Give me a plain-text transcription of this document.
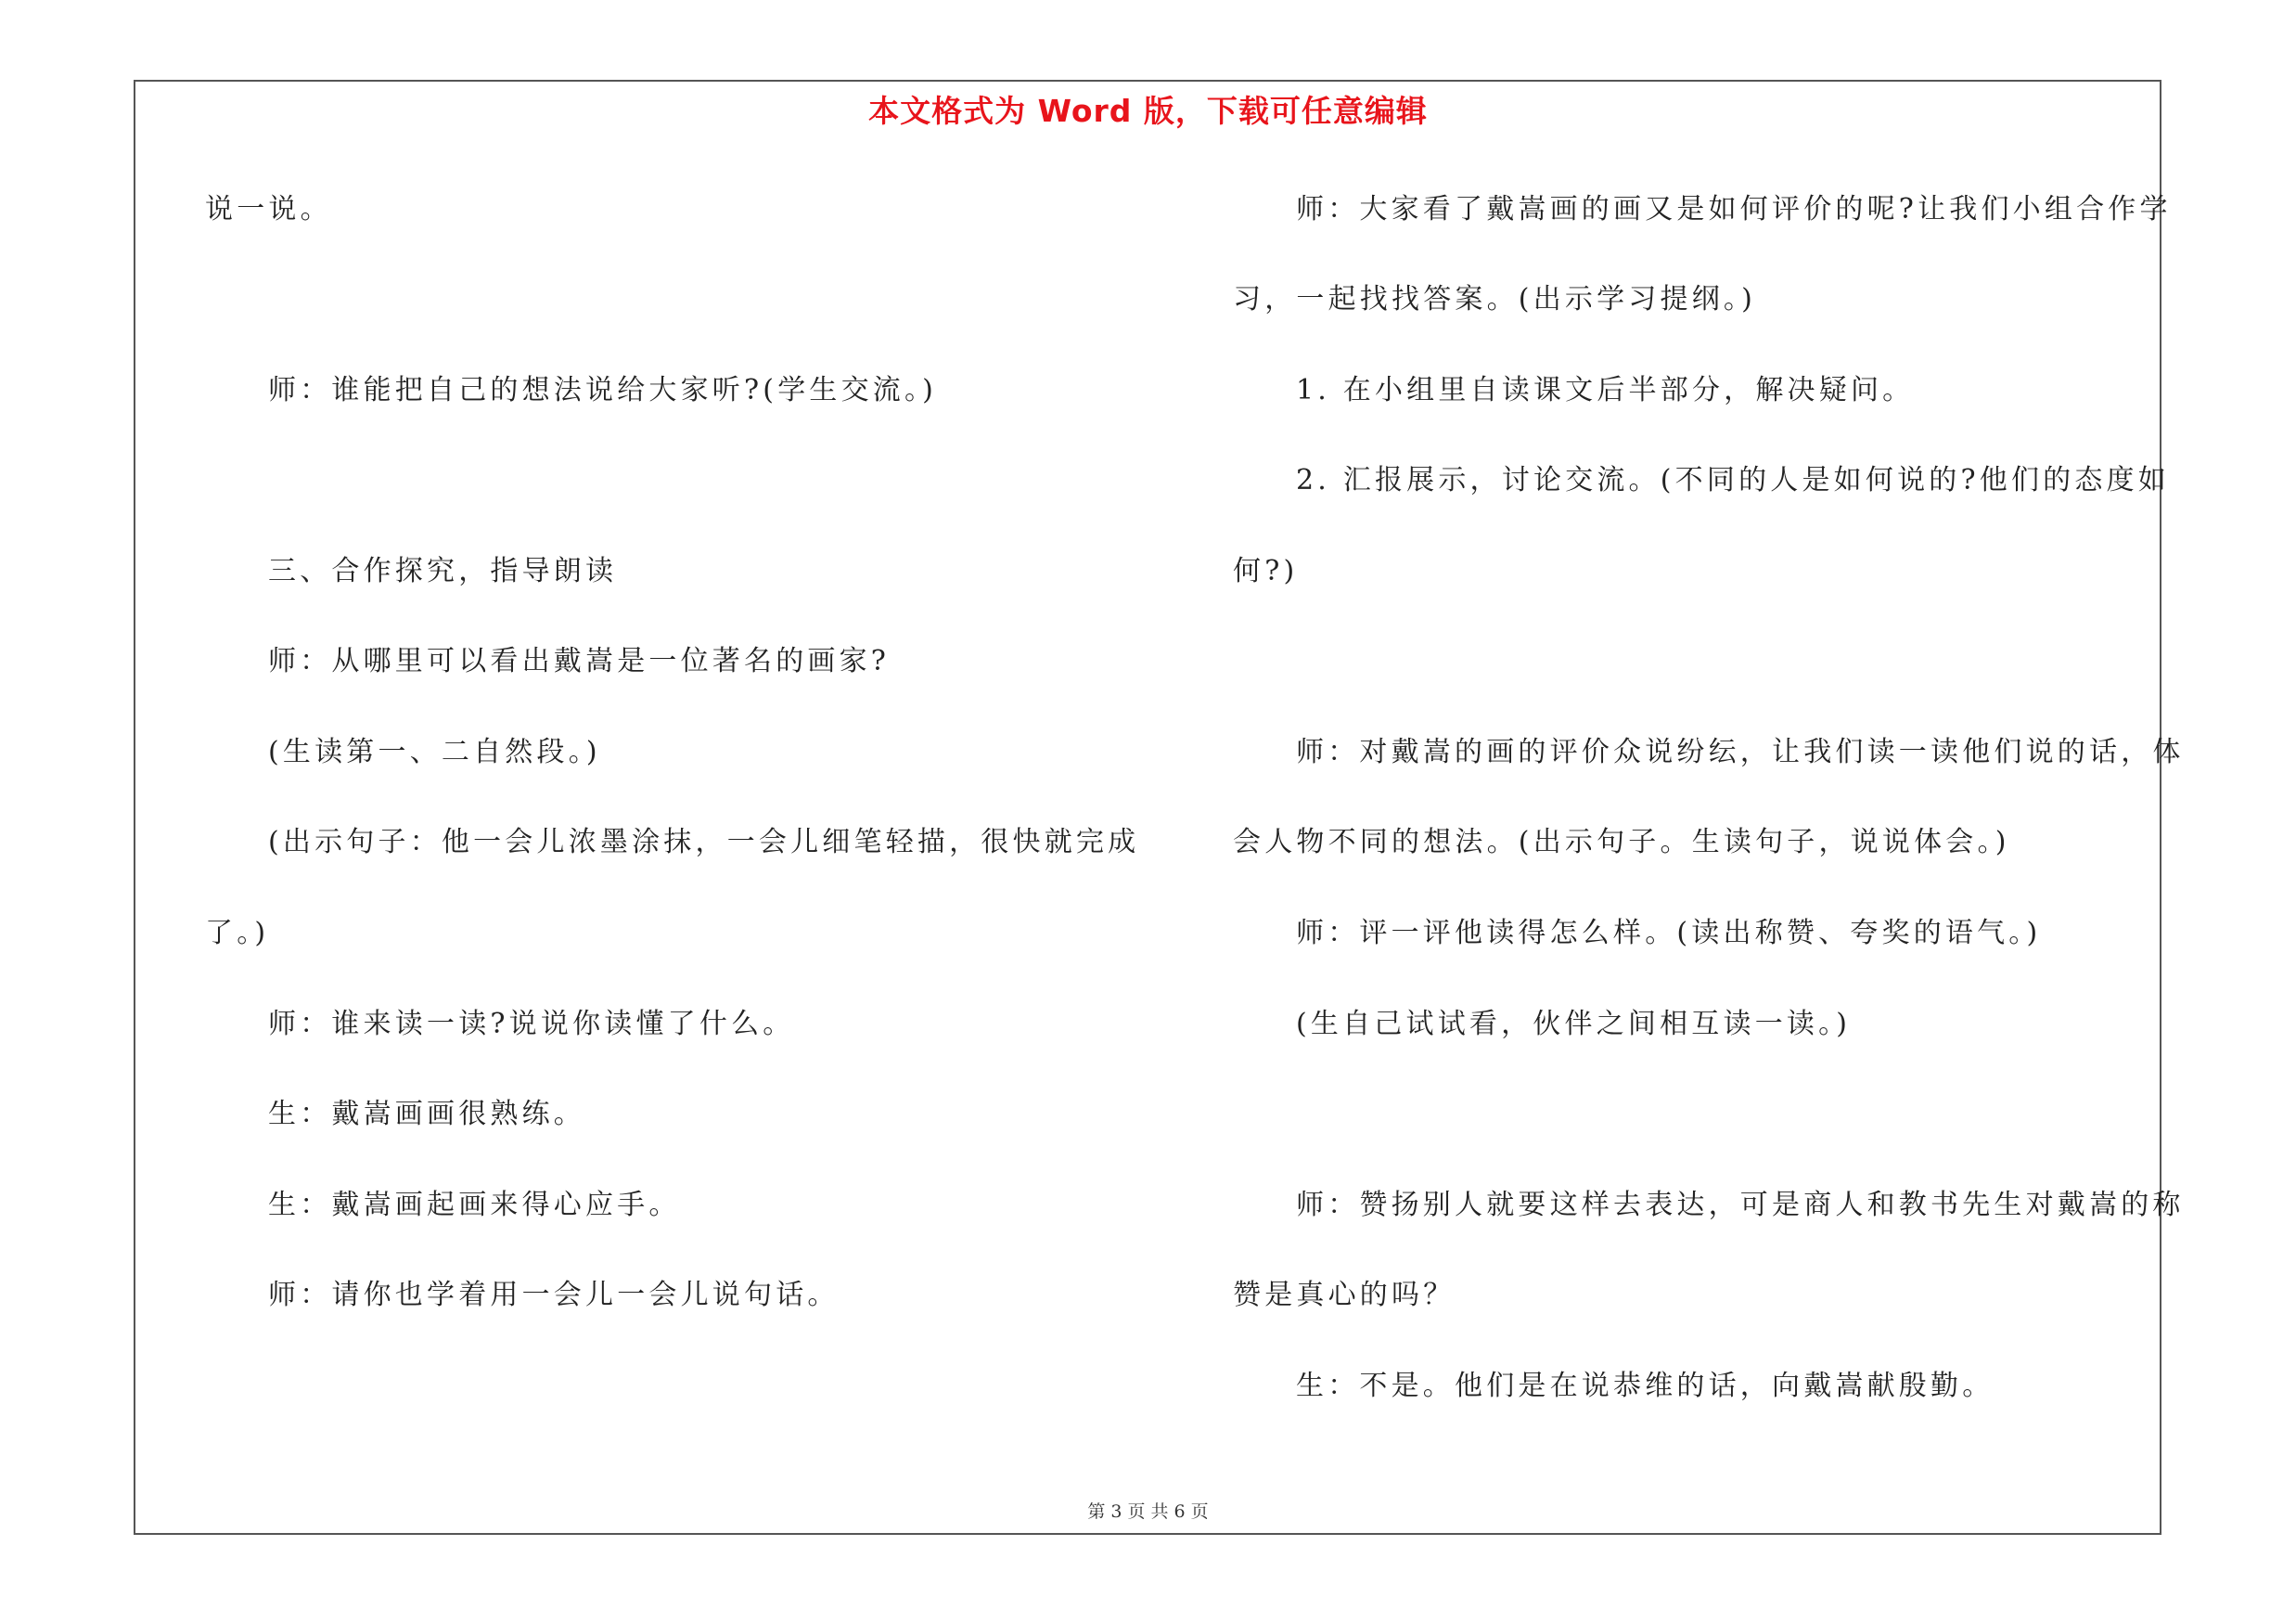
本文格式为 Word 版，下载可任意编辑
说一说。
师：谁能把自己的想法说给大家听?(学生交流。)
三、合作探究，指导朗读
师：从哪里可以看出戴嵩是一位著名的画家?
(生读第一、二自然段。)
(出示句子：他一会儿浓墨涂抹，一会儿细笔轻描，很快就完成
了。)
师：谁来读一读?说说你读懂了什么。
生：戴嵩画画很熟练。
生：戴嵩画起画来得心应手。
师：请你也学着用一会儿一会儿说句话。
师：大家看了戴嵩画的画又是如何评价的呢?让我们小组合作学
习，一起找找答案。(出示学习提纲。)
1. 在小组里自读课文后半部分，解决疑问。
2. 汇报展示，讨论交流。(不同的人是如何说的?他们的态度如
何?)
师：对戴嵩的画的评价众说纷纭，让我们读一读他们说的话，体
会人物不同的想法。(出示句子。生读句子，说说体会。)
师：评一评他读得怎么样。(读出称赞、夸奖的语气。)
(生自己试试看，伙伴之间相互读一读。)
师：赞扬别人就要这样去表达，可是商人和教书先生对戴嵩的称
赞是真心的吗？
生：不是。他们是在说恭维的话，向戴嵩献殷勤。
第 3 页 共 6 页
